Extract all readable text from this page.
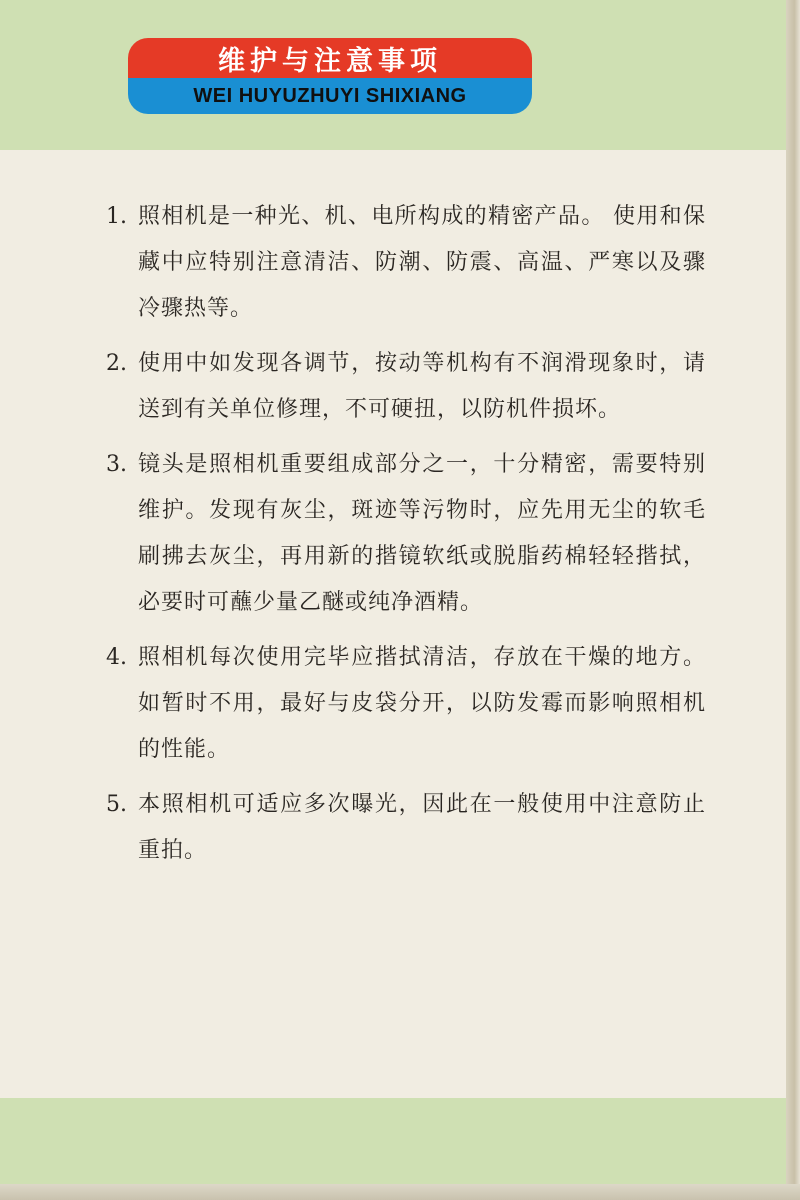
维护与注意事项
WEI HUYUZHUYI SHIXIANG
1. 照相机是一种光、机、电所构成的精密产品。 使用和保藏中应特别注意清洁、防潮、防震、高温、严寒以及骤冷骤热等。
2. 使用中如发现各调节，按动等机构有不润滑现象时，请送到有关单位修理，不可硬扭，以防机件损坏。
3. 镜头是照相机重要组成部分之一，十分精密，需要特别维护。发现有灰尘，斑迹等污物时，应先用无尘的软毛刷拂去灰尘，再用新的揩镜软纸或脱脂药棉轻轻揩拭，必要时可蘸少量乙醚或纯净酒精。
4. 照相机每次使用完毕应揩拭清洁，存放在干燥的地方。如暂时不用，最好与皮袋分开，以防发霉而影响照相机的性能。
5. 本照相机可适应多次曝光，因此在一般使用中注意防止重拍。
